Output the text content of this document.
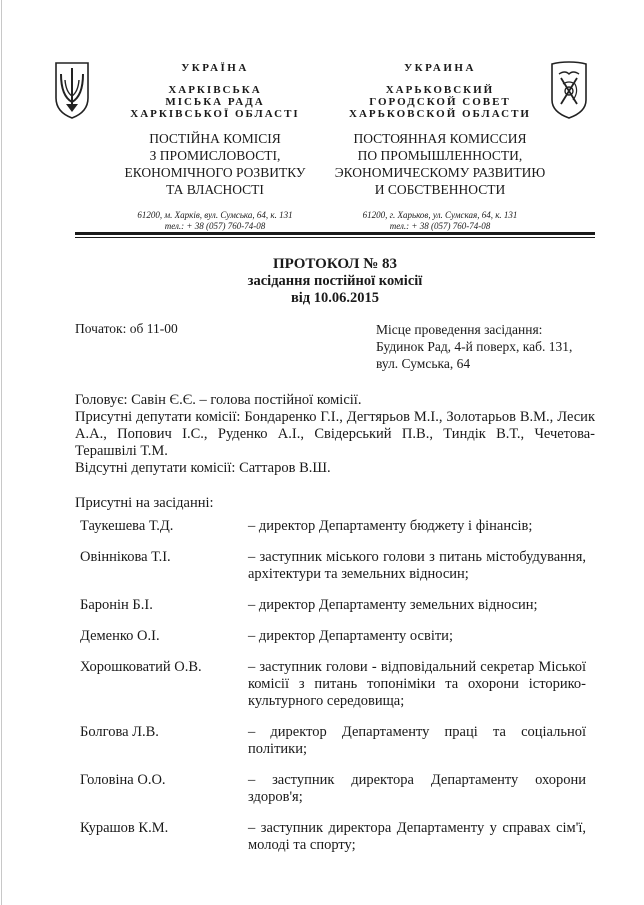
УКРАЇНА
ХАРКІВСЬКА
МІСЬКА РАДА
ХАРКІВСЬКОЇ ОБЛАСТІ
ПОСТІЙНА КОМІСІЯ
З ПРОМИСЛОВОСТІ,
ЕКОНОМІЧНОГО РОЗВИТКУ
ТА ВЛАСНОСТІ
61200, м. Харків, вул. Сумська, 64, к. 131
тел.: + 38 (057) 760-74-08
УКРАИНА
ХАРЬКОВСКИЙ
ГОРОДСКОЙ СОВЕТ
ХАРЬКОВСКОЙ ОБЛАСТИ
ПОСТОЯННАЯ КОМИССИЯ
ПО ПРОМЫШЛЕННОСТИ,
ЭКОНОМИЧЕСКОМУ РАЗВИТИЮ
И СОБСТВЕННОСТИ
61200, г. Харьков, ул. Сумская, 64, к. 131
тел.: + 38 (057) 760-74-08
ПРОТОКОЛ № 83
засідання постійної комісії
від 10.06.2015
Початок: об 11-00	Місце проведення засідання:
Будинок Рад, 4-й поверх, каб. 131,
вул. Сумська, 64
Головує: Савін Є.Є. – голова постійної комісії.
Присутні депутати комісії: Бондаренко Г.І., Дегтярьов М.І., Золотарьов В.М., Лесик А.А., Попович І.С., Руденко А.І., Свідерський П.В., Тиндік В.Т., Чечетова-Терашвілі Т.М.
Відсутні депутати комісії: Саттаров В.Ш.
Присутні на засіданні:
Таукешева Т.Д.	– директор Департаменту бюджету і фінансів;
Овіннікова Т.І.	– заступник міського голови з питань містобудування, архітектури та земельних відносин;
Баронін Б.І.	– директор Департаменту земельних відносин;
Деменко О.І.	– директор Департаменту освіти;
Хорошковатий О.В.	– заступник голови - відповідальний секретар Міської комісії з питань топоніміки та охорони історико-культурного середовища;
Болгова Л.В.	– директор Департаменту праці та соціальної політики;
Головіна О.О.	– заступник директора Департаменту охорони здоров'я;
Курашов К.М.	– заступник директора Департаменту у справах сім'ї, молоді та спорту;
